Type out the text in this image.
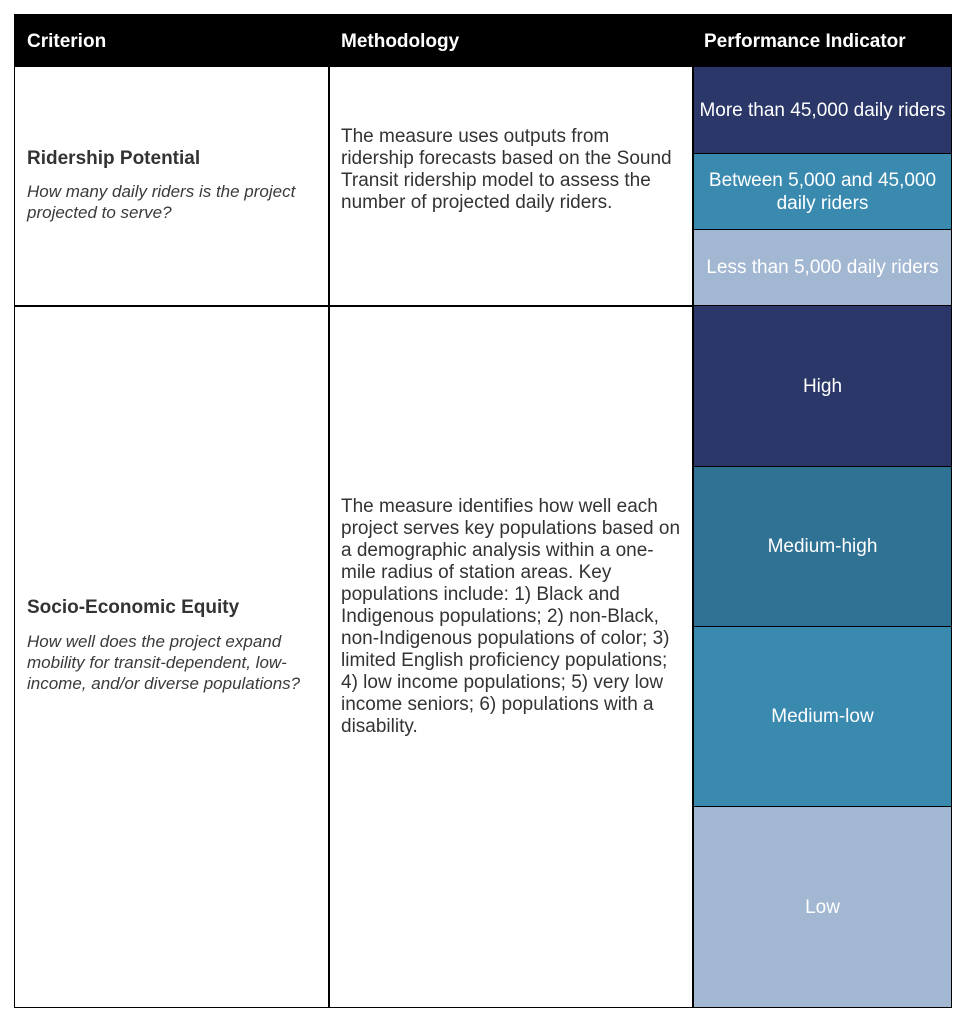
Criterion	Methodology	Performance Indicator
Ridership Potential
How many daily riders is the project projected to serve?
The measure uses outputs from ridership forecasts based on the Sound Transit ridership model to assess the number of projected daily riders.
More than 45,000 daily riders
Between 5,000 and 45,000 daily riders
Less than 5,000 daily riders
Socio-Economic Equity
How well does the project expand mobility for transit-dependent, low-income, and/or diverse populations?
The measure identifies how well each project serves key populations based on a demographic analysis within a one-mile radius of station areas. Key populations include: 1) Black and Indigenous populations; 2) non-Black, non-Indigenous populations of color; 3) limited English proficiency populations; 4) low income populations; 5) very low income seniors; 6) populations with a disability.
High
Medium-high
Medium-low
Low
